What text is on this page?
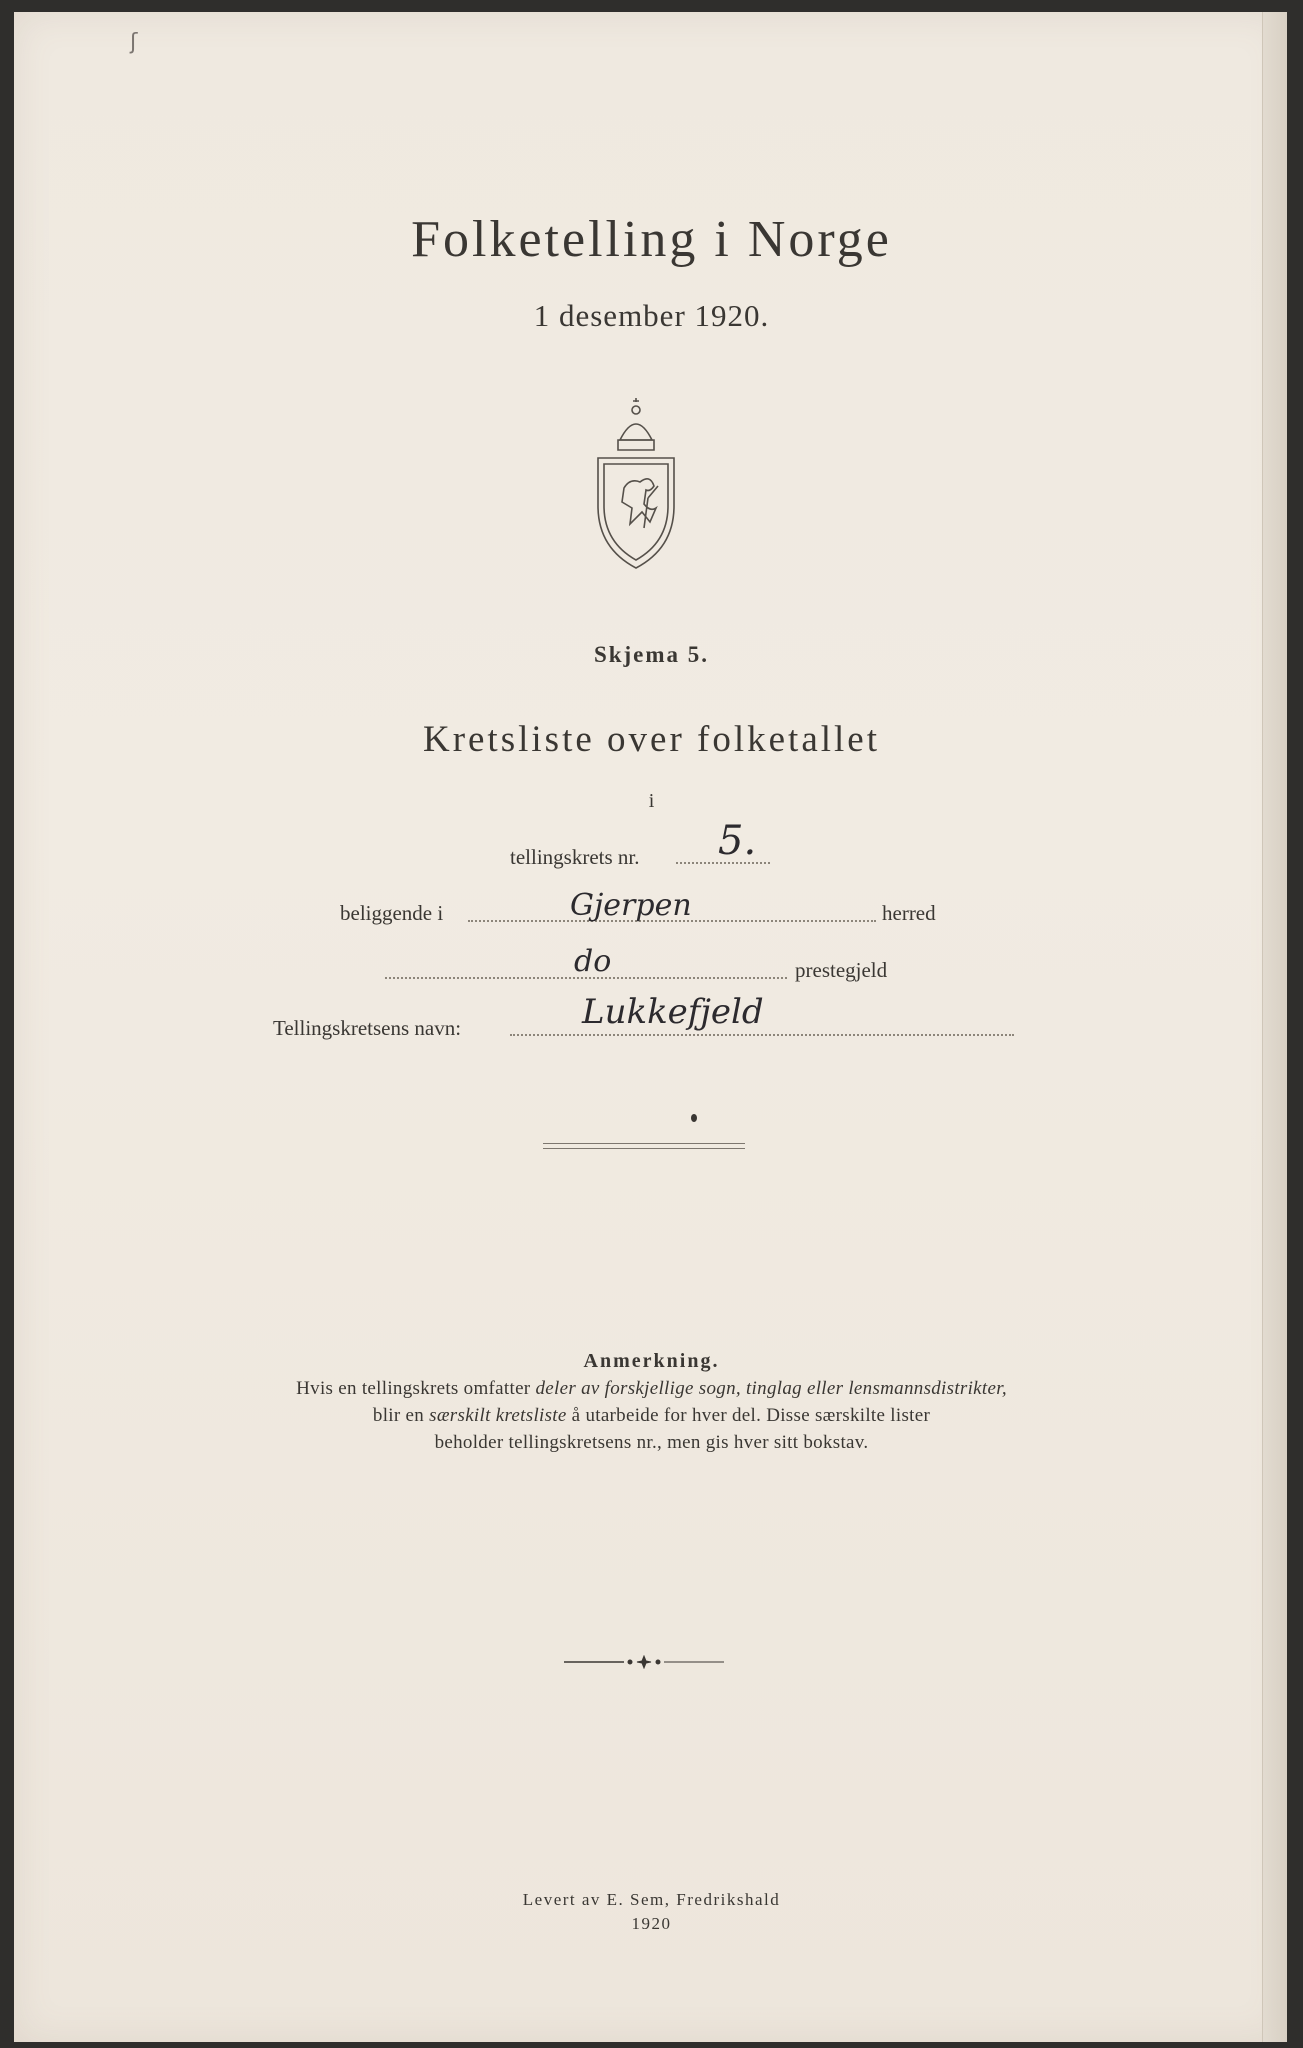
ʃ
Folketelling i Norge
1 desember 1920.
Skjema 5.
Kretsliste over folketallet
i
tellingskrets nr. 5.
beliggende i	Gjerpen	herred
do	prestegjeld
Tellingskretsens navn:	Lukkefjeld
Anmerkning.
Hvis en tellingskrets omfatter deler av forskjellige sogn, tinglag eller lensmannsdistrikter,
blir en særskilt kretsliste å utarbeide for hver del. Disse særskilte lister
beholder tellingskretsens nr., men gis hver sitt bokstav.
Levert av E. Sem, Fredrikshald
1920
